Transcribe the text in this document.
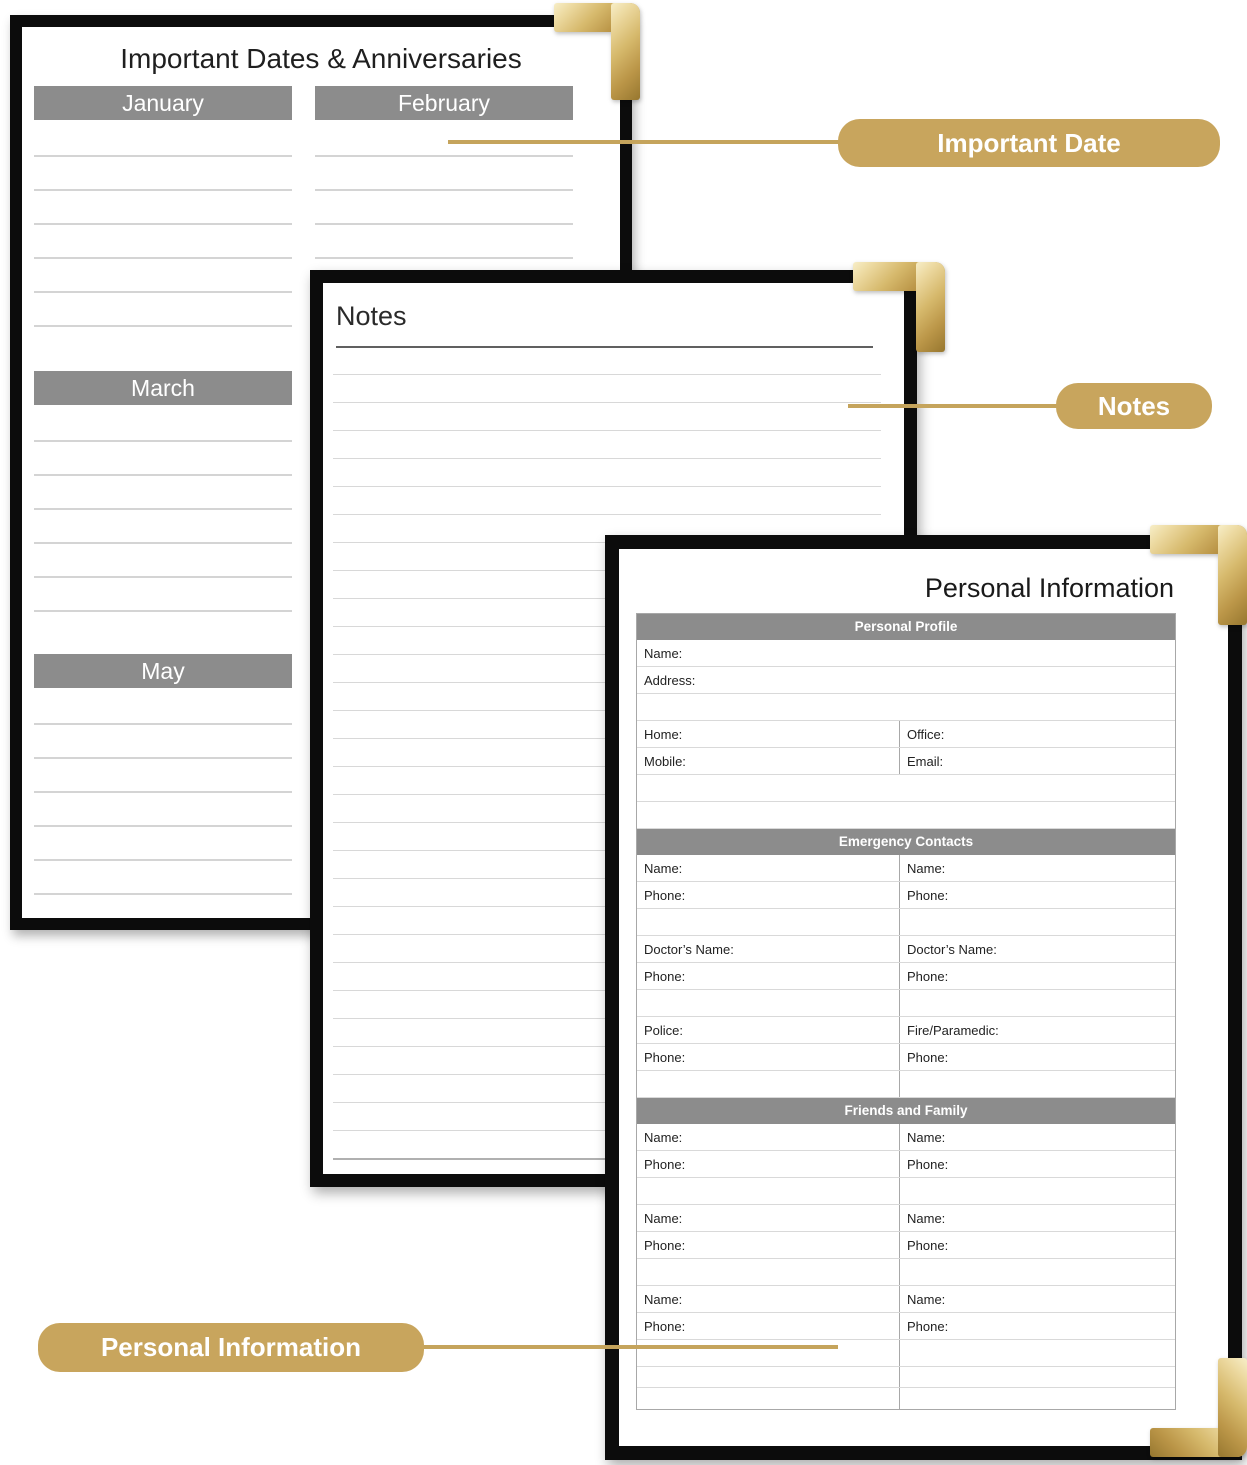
Important Dates & Anniversaries
January
March
May
February
Notes
Personal Information
Personal Profile
Name:
Address:
Home:	Office:
Mobile:	Email:
Emergency Contacts
Name:	Name:
Phone:	Phone:
Doctor’s Name:	Doctor’s Name:
Phone:	Phone:
Police:	Fire/Paramedic:
Phone:	Phone:
Friends and Family
Name:	Name:
Phone:	Phone:
Name:	Name:
Phone:	Phone:
Name:	Name:
Phone:	Phone:
Important Date
Notes
Personal Information
